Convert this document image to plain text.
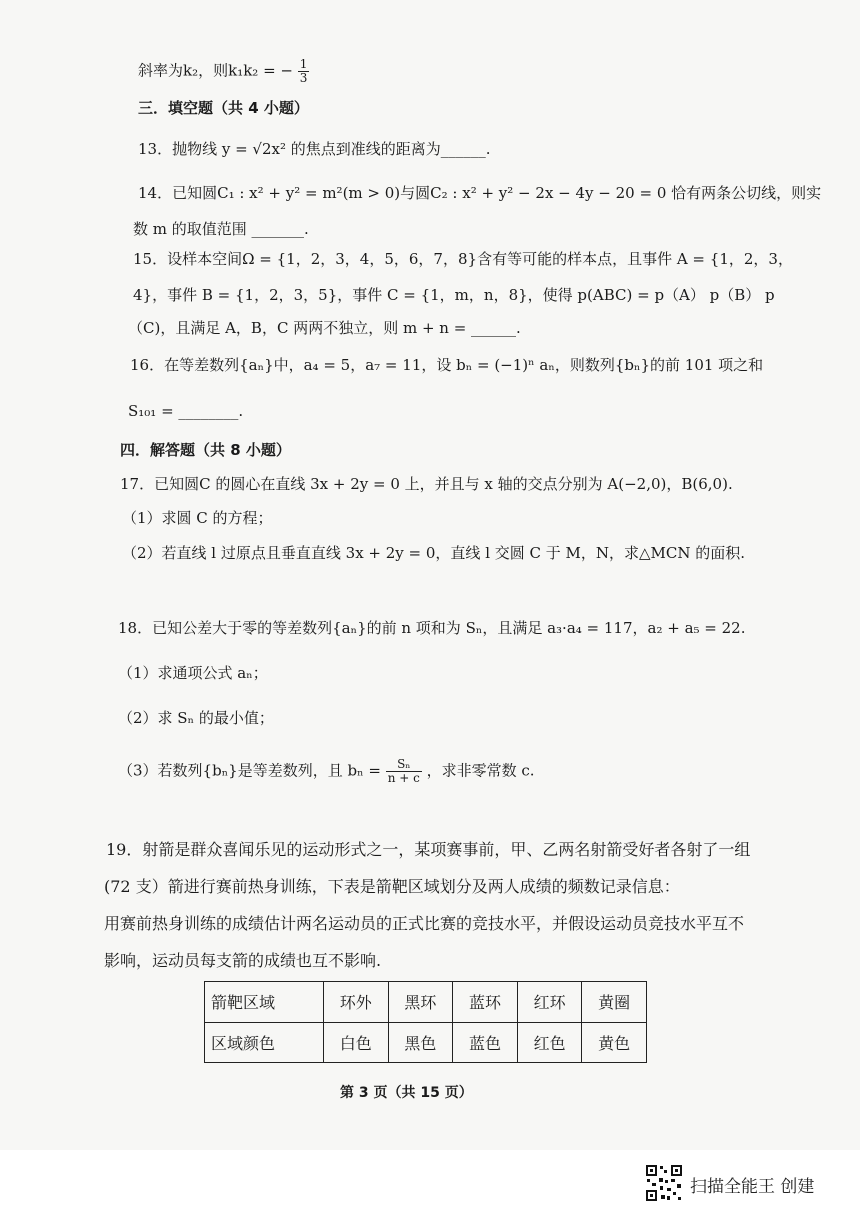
斜率为k₂，则k₁k₂ = − $\frac{1}{3}$
三．填空题（共 4 小题）
13．抛物线 y = √2x² 的焦点到准线的距离为______.
14．已知圆C₁ : x² + y² = m²(m > 0)与圆C₂ : x² + y² − 2x − 4y − 20 = 0 恰有两条公切线，则实
数 m 的取值范围 _______.
15．设样本空间Ω = {1，2，3，4，5，6，7，8}含有等可能的样本点，且事件 A = {1，2，3，
4}，事件 B = {1，2，3，5}，事件 C = {1，m，n，8}，使得 p(ABC) = p（A） p（B） p
（C)，且满足 A，B，C 两两不独立，则 m + n = ______.
16．在等差数列{aₙ}中，a₄ = 5，a₇ = 11，设 bₙ = (−1)ⁿ aₙ，则数列{bₙ}的前 101 项之和
S₁₀₁ = ________.
四．解答题（共 8 小题）
17．已知圆C 的圆心在直线 3x + 2y = 0 上，并且与 x 轴的交点分别为 A(−2,0)，B(6,0).
（1）求圆 C 的方程；
（2）若直线 l 过原点且垂直直线 3x + 2y = 0，直线 l 交圆 C 于 M，N，求△MCN 的面积.
18．已知公差大于零的等差数列{aₙ}的前 n 项和为 Sₙ，且满足 a₃·a₄ = 117，a₂ + a₅ = 22.
（1）求通项公式 aₙ；
（2）求 Sₙ 的最小值；
（3）若数列{bₙ}是等差数列，且 $b_n = \frac{\text{Sₙ}}{n + c}$ ，求非零常数 c.
19．射箭是群众喜闻乐见的运动形式之一，某项赛事前，甲、乙两名射箭受好者各射了一组
(72 支）箭进行赛前热身训练，下表是箭靶区域划分及两人成绩的频数记录信息：
用赛前热身训练的成绩估计两名运动员的正式比赛的竞技水平，并假设运动员竞技水平互不
影响，运动员每支箭的成绩也互不影响.
箭靶区域	环外	黑环	蓝环	红环	黄圈
区域颜色	白色	黑色	蓝色	红色	黄色
第 3 页（共 15 页）
扫描全能王 创建
